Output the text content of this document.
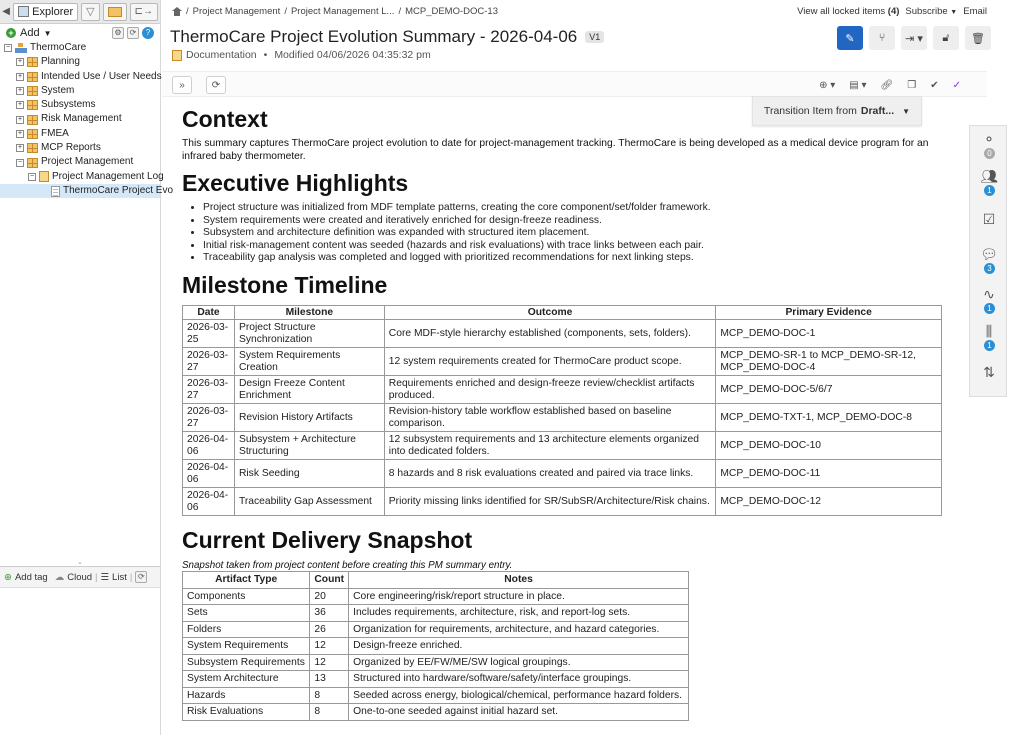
◀ Explorer ▽	⊏→
+ Add ▼	⚙	⟳	?
− ThermoCare
+ Planning
+ Intended Use / User Needs
+ System
+ Subsystems
+ Risk Management
+ FMEA
+ MCP Reports
− Project Management
− Project Management Log
ThermoCare Project Evo
⌄
⊕ Add tag ☁ Cloud | ☰ List | ⟳
/ Project Management / Project Management L... / MCP_DEMO-DOC-13	View all locked items (4) Subscribe ▼ Email
ThermoCare Project Evolution Summary - 2026-04-06	V1
Documentation • Modified 04/06/2026 04:35:32 pm
✎ ⑂ ⇥ ▾ 🔓︎ 🗑︎
»	⟳	⊕ ▾ ▤ ▾ 🔗︎ ❐ ✔ ✓
Transition Item from Draft... ▼
Context

This summary captures ThermoCare project evolution to date for project-management tracking. ThermoCare is being developed as a medical device program for an infrared baby thermometer.

Executive Highlights
• Project structure was initialized from MDF template patterns, creating the core component/set/folder framework.
• System requirements were created and iteratively enriched for design-freeze readiness.
• Subsystem and architecture definition was expanded with structured item placement.
• Initial risk-management content was seeded (hazards and risk evaluations) with trace links between each pair.
• Traceability gap analysis was completed and logged with prioritized recommendations for next linking steps.
Milestone Timeline
Date	Milestone	Outcome	Primary Evidence
2026-03-25	Project Structure Synchronization	Core MDF-style hierarchy established (components, sets, folders).	MCP_DEMO-DOC-1
2026-03-27	System Requirements Creation	12 system requirements created for ThermoCare product scope.	MCP_DEMO-SR-1 to MCP_DEMO-SR-12, MCP_DEMO-DOC-4
2026-03-27	Design Freeze Content Enrichment	Requirements enriched and design-freeze review/checklist artifacts produced.	MCP_DEMO-DOC-5/6/7
2026-03-27	Revision History Artifacts	Revision-history table workflow established based on baseline comparison.	MCP_DEMO-TXT-1, MCP_DEMO-DOC-8
2026-04-06	Subsystem + Architecture Structuring	12 subsystem requirements and 13 architecture elements organized into dedicated folders.	MCP_DEMO-DOC-10
2026-04-06	Risk Seeding	8 hazards and 8 risk evaluations created and paired via trace links.	MCP_DEMO-DOC-11
2026-04-06	Traceability Gap Assessment	Priority missing links identified for SR/SubSR/Architecture/Risk chains.	MCP_DEMO-DOC-12
Current Delivery Snapshot
Snapshot taken from project content before creating this PM summary entry.
Artifact Type	Count	Notes
Components	20	Core engineering/risk/report structure in place.
Sets	36	Includes requirements, architecture, risk, and report-log sets.
Folders	26	Organization for requirements, architecture, and hazard categories.
System Requirements	12	Design-freeze enriched.
Subsystem Requirements	12	Organized by EE/FW/ME/SW logical groupings.
System Architecture	13	Structured into hardware/software/safety/interface groupings.
Hazards	8	Seeded across energy, biological/chemical, performance hazard folders.
Risk Evaluations	8	One-to-one seeded against initial hazard set.
⚬
0
👥︎
1
☑
💬︎
3
∿
1
⫼
1
⇅
